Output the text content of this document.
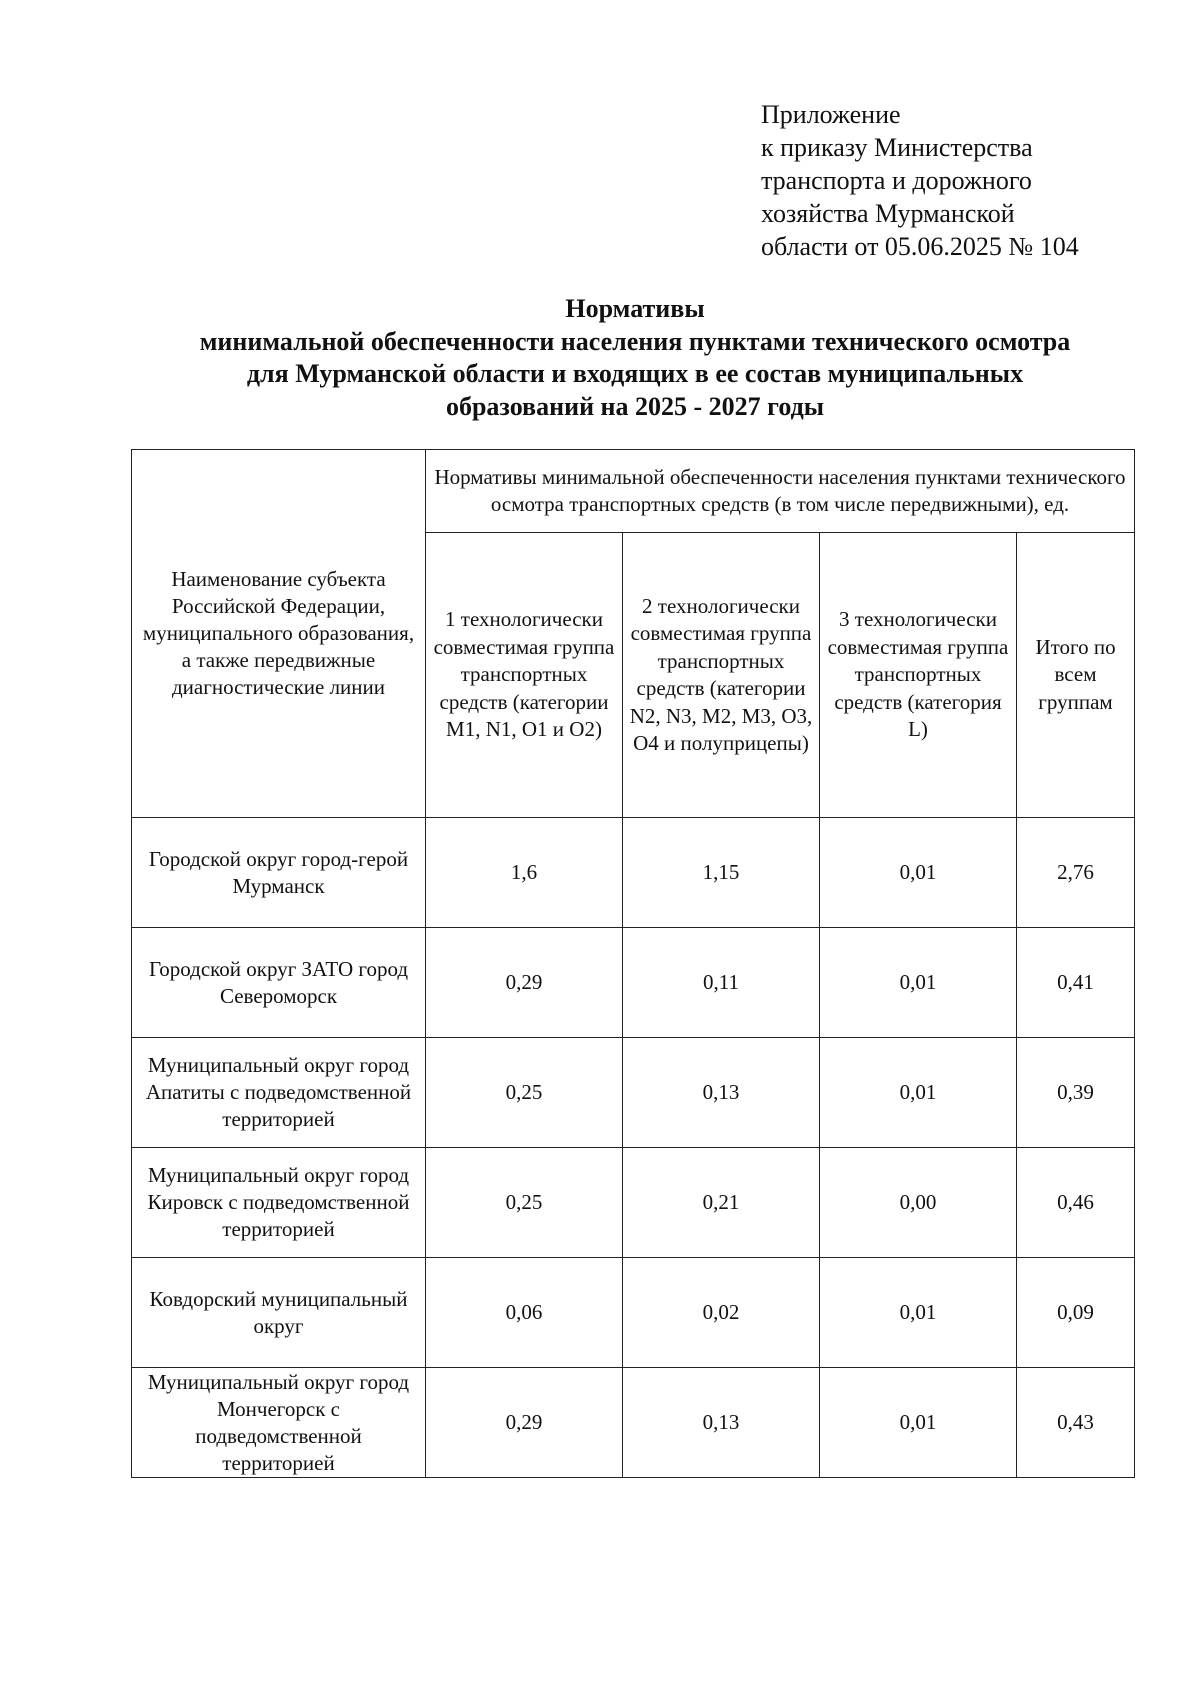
Приложение
к приказу Министерства
транспорта и дорожного
хозяйства Мурманской
области от 05.06.2025 № 104
Нормативы
минимальной обеспеченности населения пунктами технического осмотра
для Мурманской области и входящих в ее состав муниципальных
образований на 2025 - 2027 годы
Наименование субъекта Российской Федерации, муниципального образования, а также передвижные диагностические линии	Нормативы минимальной обеспеченности населения пунктами технического осмотра транспортных средств (в том числе передвижными), ед.			
	1 технологически совместимая группа транспортных средств (категории M1, N1, O1 и O2)	2 технологически совместимая группа транспортных средств (категории N2, N3, M2, M3, O3, O4 и полуприцепы)	3 технологически совместимая группа транспортных средств (категория L)	Итого по всем группам
Городской округ город-герой Мурманск	1,6	1,15	0,01	2,76
Городской округ ЗАТО город Североморск	0,29	0,11	0,01	0,41
Муниципальный округ город Апатиты с подведомственной территорией	0,25	0,13	0,01	0,39
Муниципальный округ город Кировск с подведомственной территорией	0,25	0,21	0,00	0,46
Ковдорский муниципальный округ	0,06	0,02	0,01	0,09
Муниципальный округ город Мончегорск с подведомственной территорией	0,29	0,13	0,01	0,43
